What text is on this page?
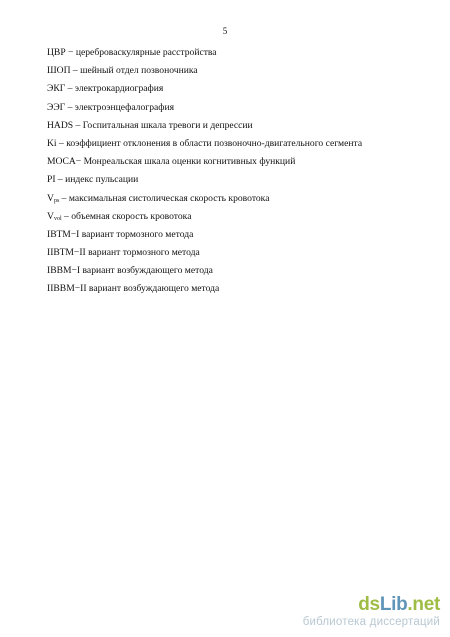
5
ЦВР − цереброваскулярные расстройства
ШОП – шейный отдел позвоночника
ЭКГ – электрокардиография
ЭЭГ – электроэнцефалография
HADS – Госпитальная шкала тревоги и депрессии
Ki – коэффициент отклонения в области позвоночно-двигательного сегмента
MOCA− Монреальская шкала оценки когнитивных функций
PI – индекс пульсации
$V_{ps}$ – максимальная систолическая скорость кровотока
$V_{vol}$ – объемная скорость кровотока
IВТМ−I вариант тормозного метода
IIВТМ−II вариант тормозного метода
IВВМ−I вариант возбуждающего метода
IIВВМ−II вариант возбуждающего метода
dsLib.net
библиотека диссертаций
